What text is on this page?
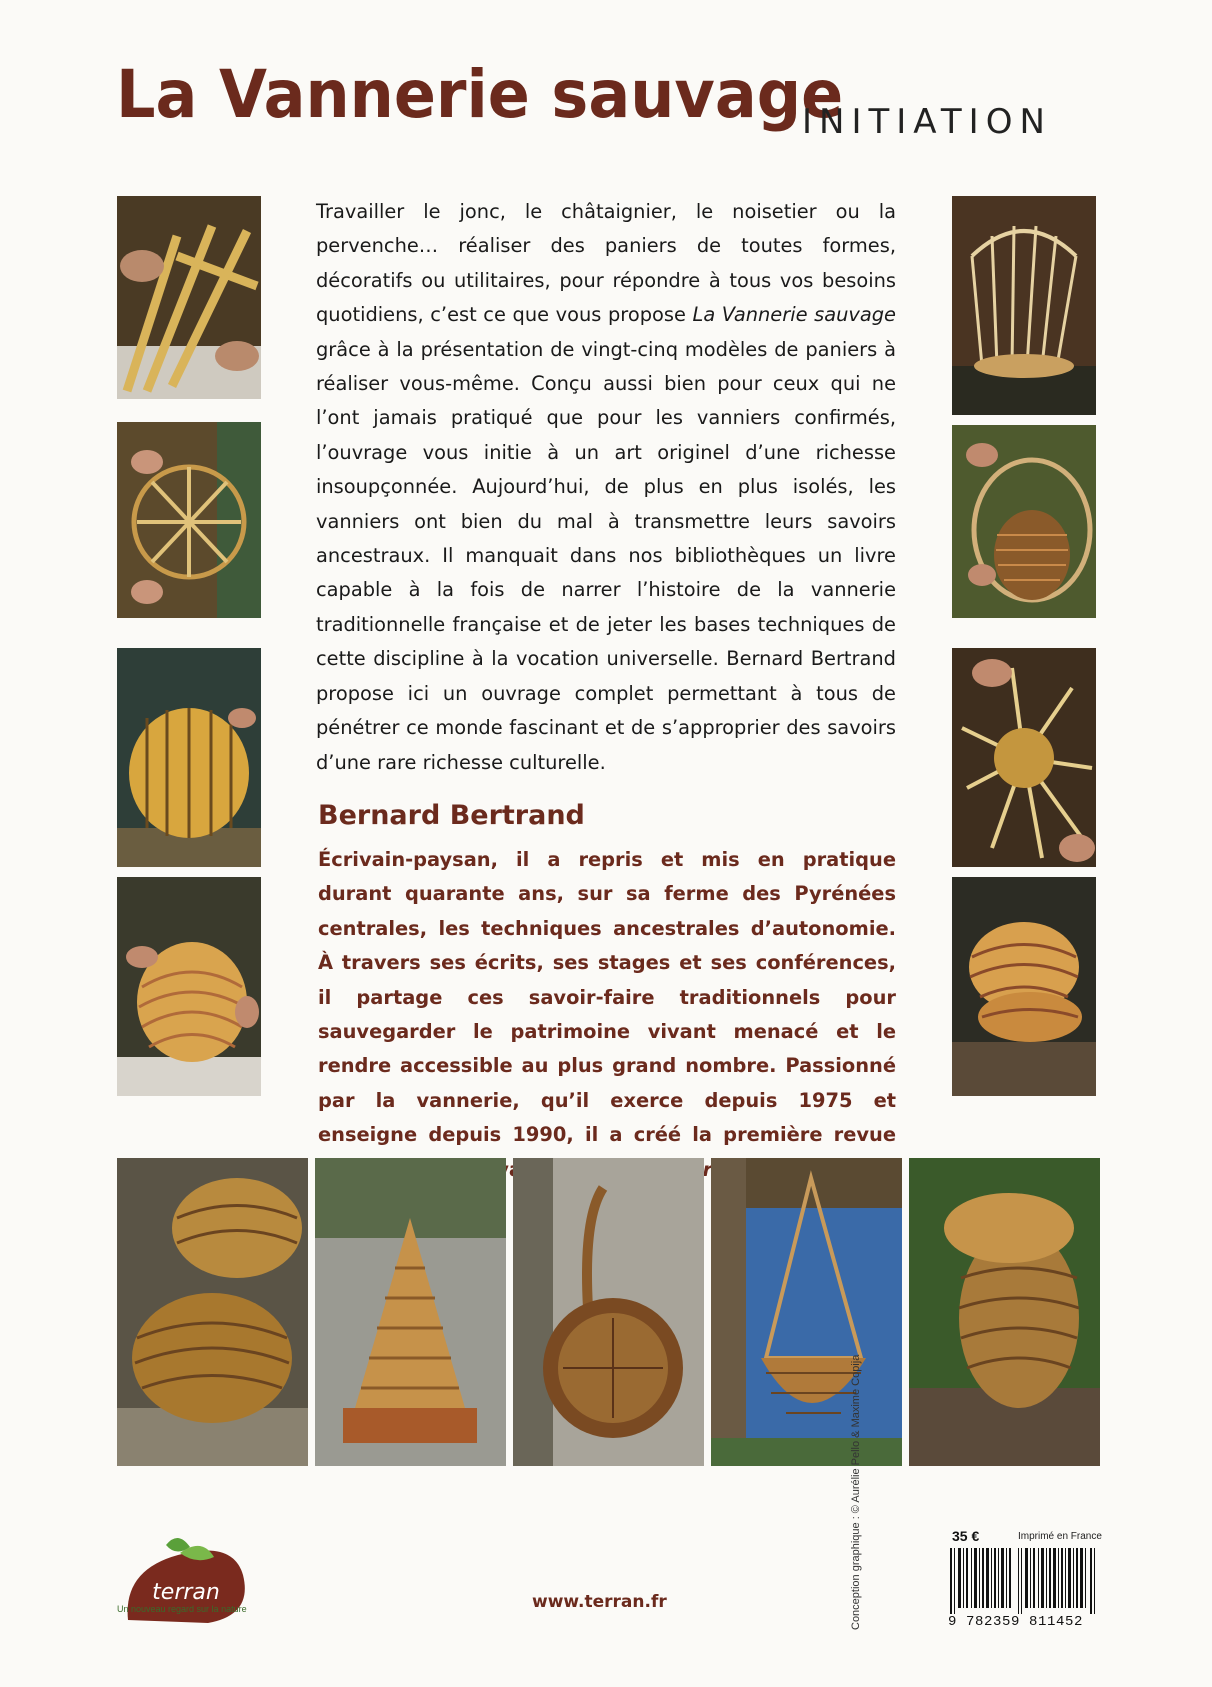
La Vannerie sauvage
INITIATION
Travailler le jonc, le châtaignier, le noisetier ou la pervenche… réaliser des paniers de toutes formes, décoratifs ou utilitaires, pour répondre à tous vos besoins quotidiens, c’est ce que vous propose La Vannerie sauvage grâce à la présentation de vingt-cinq modèles de paniers à réaliser vous-même. Conçu aussi bien pour ceux qui ne l’ont jamais pratiqué que pour les vanniers confirmés, l’ouvrage vous initie à un art originel d’une richesse insoupçonnée. Aujourd’hui, de plus en plus isolés, les vanniers ont bien du mal à transmettre leurs savoirs ancestraux. Il manquait dans nos bibliothèques un livre capable à la fois de narrer l’histoire de la vannerie traditionnelle française et de jeter les bases techniques de cette discipline à la vocation universelle. Bernard Bertrand propose ici un ouvrage complet permettant à tous de pénétrer ce monde fascinant et de s’approprier des savoirs d’une rare richesse culturelle.
Bernard Bertrand
Écrivain-paysan, il a repris et mis en pratique durant quarante ans, sur sa ferme des Pyrénées centrales, les techniques ancestrales d’autonomie. À travers ses écrits, ses stages et ses conférences, il partage ces savoir-faire traditionnels pour sauvegarder le patrimoine vivant menacé et le rendre accessible au plus grand nombre. Passionné par la vannerie, qu’il exerce depuis 1975 et enseigne depuis 1990, il a créé la première revue
terran
Un nouveau regard sur la nature	www.terran.fr
35 €	Imprimé en France
9 782359 811452
Conception graphique : © Aurélie Pello & Maxime Copija
